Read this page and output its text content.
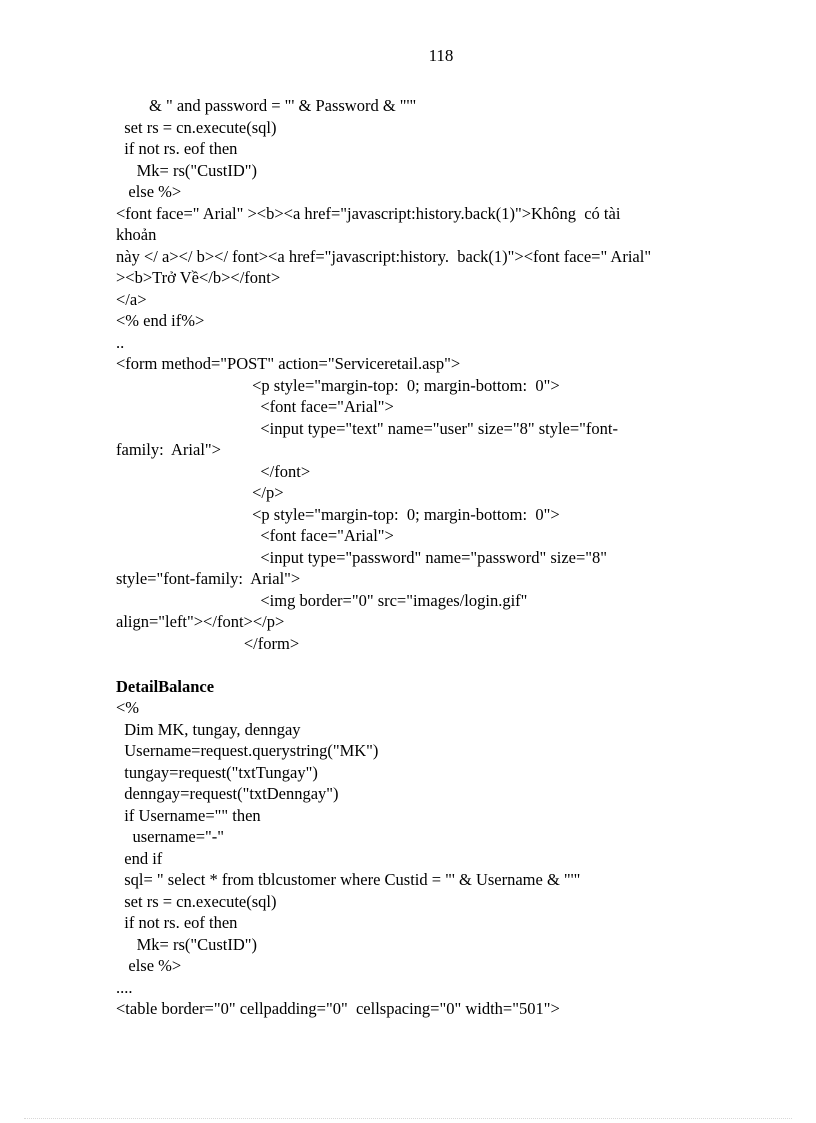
118
& " and password = "' & Password & "'"
set rs = cn.execute(sql)
if not rs. eof then
Mk= rs("CustID")
else %>
<font face=" Arial" ><b><a href="javascript:history.back(1)">Không  có tài
khoản
này </ a></ b></ font><a href="javascript:history.  back(1)"><font face=" Arial"
><b>Trở Về</b></font>
</a>
<% end if%>
..
<form method="POST" action="Serviceretail.asp">
<p style="margin-top:  0; margin-bottom:  0">
<font face="Arial">
<input type="text" name="user" size="8" style="font-
family:  Arial">
</font>
</p>
<p style="margin-top:  0; margin-bottom:  0">
<font face="Arial">
<input type="password" name="password" size="8"
style="font-family:  Arial">
<img border="0" src="images/login.gif"
align="left"></font></p>
</form>
DetailBalance
<%
Dim MK, tungay, denngay
Username=request.querystring("MK")
tungay=request("txtTungay")
denngay=request("txtDenngay")
if Username="" then
username="-"
end if
sql= " select * from tblcustomer where Custid = "' & Username & "'"
set rs = cn.execute(sql)
if not rs. eof then
Mk= rs("CustID")
else %>
....
<table border="0" cellpadding="0"  cellspacing="0" width="501">
